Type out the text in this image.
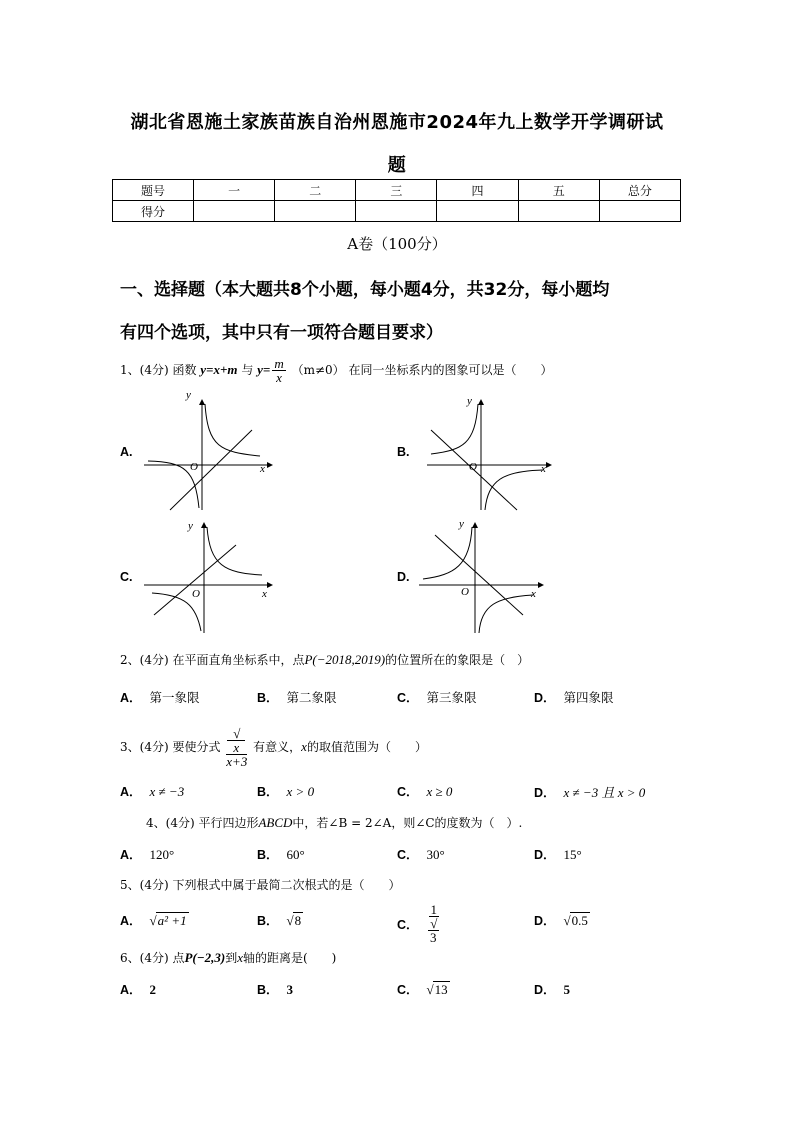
湖北省恩施土家族苗族自治州恩施市2024年九上数学开学调研试
题
题号	一	二	三	四	五	总分
得分						
A卷（100分）
一、选择题（本大题共8个小题，每小题4分，共32分，每小题均
有四个选项，其中只有一项符合题目要求）
1、(4分) 函数 y=x+m 与 $y= \frac{m}{x} (m\ne 0)$ 在同一坐标系内的图象可以是（　　）
A.	B.
C.	D.
y
x
O
y
x
O
y
x
O
y
x
O
2、(4分) 在平面直角坐标系中，点P(−2018,2019)的位置所在的象限是（　）
A． 第一象限	B． 第二象限	C． 第三象限	D． 第四象限
3、(4分) 要使分式 √
x
x+3 有意义，x的取值范围为（　　）
A． x ≠ −3	B． x > 0	C． x ≥ 0	D． x ≠ −3 且 x > 0
4、(4分) 平行四边形ABCD中，若∠B = 2∠A，则∠C的度数为（　）.
A． 120°	B． 60°	C． 30°	D． 15°
5、(4分) 下列根式中属于最简二次根式的是（　　）
A． √a² +1	B． √8	C． 1
√
3	D． √0.5
6、(4分) 点P(−2,3)到x轴的距离是(　　)
A． 2	B． 3	C． √13	D． 5
